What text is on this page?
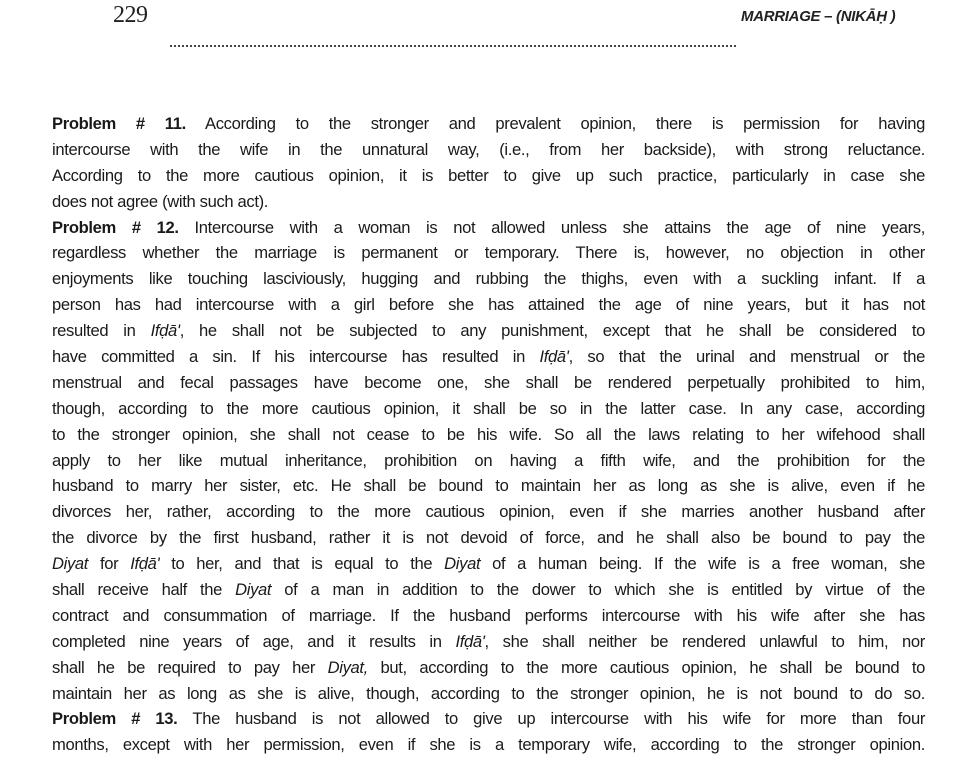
229	MARRIAGE – (NIKĀḤ )
Problem # 11. According to the stronger and prevalent opinion, there is permission for having
intercourse with the wife in the unnatural way, (i.e., from her backside), with strong reluctance.
According to the more cautious opinion, it is better to give up such practice, particularly in case she
does not agree (with such act).
Problem # 12. Intercourse with a woman is not allowed unless she attains the age of nine years,
regardless whether the marriage is permanent or temporary. There is, however, no objection in other
enjoyments like touching lasciviously, hugging and rubbing the thighs, even with a suckling infant. If a
person has had intercourse with a girl before she has attained the age of nine years, but it has not
resulted in Ifḍā', he shall not be subjected to any punishment, except that he shall be considered to
have committed a sin. If his intercourse has resulted in Ifḍā', so that the urinal and menstrual or the
menstrual and fecal passages have become one, she shall be rendered perpetually prohibited to him,
though, according to the more cautious opinion, it shall be so in the latter case. In any case, according
to the stronger opinion, she shall not cease to be his wife. So all the laws relating to her wifehood shall
apply to her like mutual inheritance, prohibition on having a fifth wife, and the prohibition for the
husband to marry her sister, etc. He shall be bound to maintain her as long as she is alive, even if he
divorces her, rather, according to the more cautious opinion, even if she marries another husband after
the divorce by the first husband, rather it is not devoid of force, and he shall also be bound to pay the
Diyat for Ifḍā' to her, and that is equal to the Diyat of a human being. If the wife is a free woman, she
shall receive half the Diyat of a man in addition to the dower to which she is entitled by virtue of the
contract and consummation of marriage. If the husband performs intercourse with his wife after she has
completed nine years of age, and it results in Ifḍā', she shall neither be rendered unlawful to him, nor
shall he be required to pay her Diyat, but, according to the more cautious opinion, he shall be bound to
maintain her as long as she is alive, though, according to the stronger opinion, he is not bound to do so.
Problem # 13. The husband is not allowed to give up intercourse with his wife for more than four
months, except with her permission, even if she is a temporary wife, according to the stronger opinion.
